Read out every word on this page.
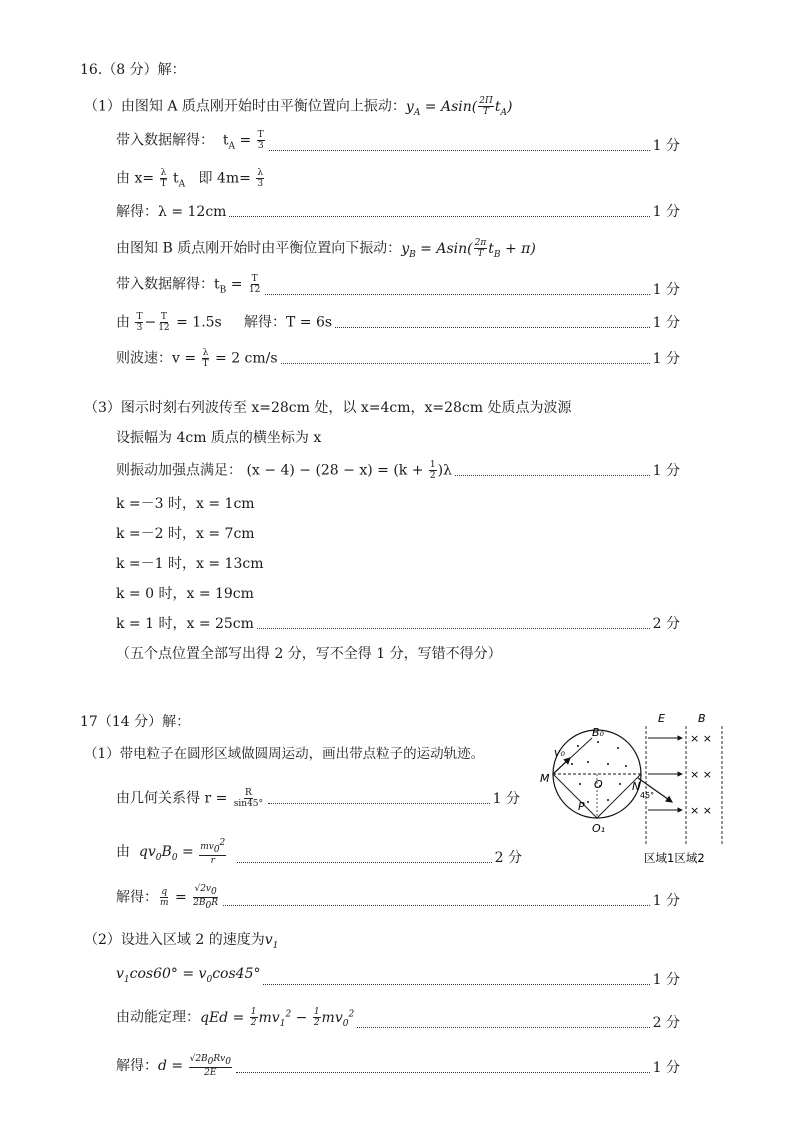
16.（8 分）解：
（1）由图知 A 质点刚开始时由平衡位置向上振动：$y_A = Asin( \frac{2\Pi}{T} t_A)$
带入数据解得：  $t_A = \frac{T}{3}$	1 分
由 $x= \frac{\lambda}{T} t_A$ 即 $4m= \frac{\lambda}{3}$
解得：λ = 12cm	1 分
由图知 B 质点刚开始时由平衡位置向下振动：$y_B = Asin( \frac{2\pi}{T} t_B + \pi)$
带入数据解得：$t_B = \frac{T}{12}$	1 分
由 $\frac{T}{3} - \frac{T}{12} = 1.5s$ 解得：T = 6s	1 分
则波速：$v = \frac{\lambda}{T} = 2$ cm/s	1 分
（3）图示时刻右列波传至 x=28cm 处，以 x=4cm，x=28cm 处质点为波源
设振幅为 4cm 质点的横坐标为 x
则振动加强点满足： $(x - 4) - (28 - x) = (k + \frac{1}{2} )\lambda$	1 分
k =－3 时，x = 1cm
k =－2 时，x = 7cm
k =－1 时，x = 13cm
k = 0 时，x = 19cm
k = 1 时，x = 25cm	2 分
（五个点位置全部写出得 2 分，写不全得 1 分，写错不得分）
17（14 分）解：
（1）带电粒子在圆形区域做圆周运动，画出带点粒子的运动轨迹。
由几何关系得 $r = \frac{R}{\sin 45^\circ}$	1 分
由 $qv_0B_0 = \frac{mv_0^2}{r}$	2 分
解得： $\frac{q}{m} = \frac{√2v_0}{2B_0R}$	1 分
（2）设进入区域 2 的速度为$v_1$
$v_1\cos 60^\circ = v_0\cos 45^\circ$	1 分
由动能定理：qEd = $\frac{1}{2} mv_1^2 - \frac{1}{2} mv_0^2$
2 分
解得：$d = \frac{√2B_0Rv_0}{2E}$	1 分
E	B
× ×
× ×
× ×
v₀
B₀
M	O	N
P
O₁
45°
区域1区域2
